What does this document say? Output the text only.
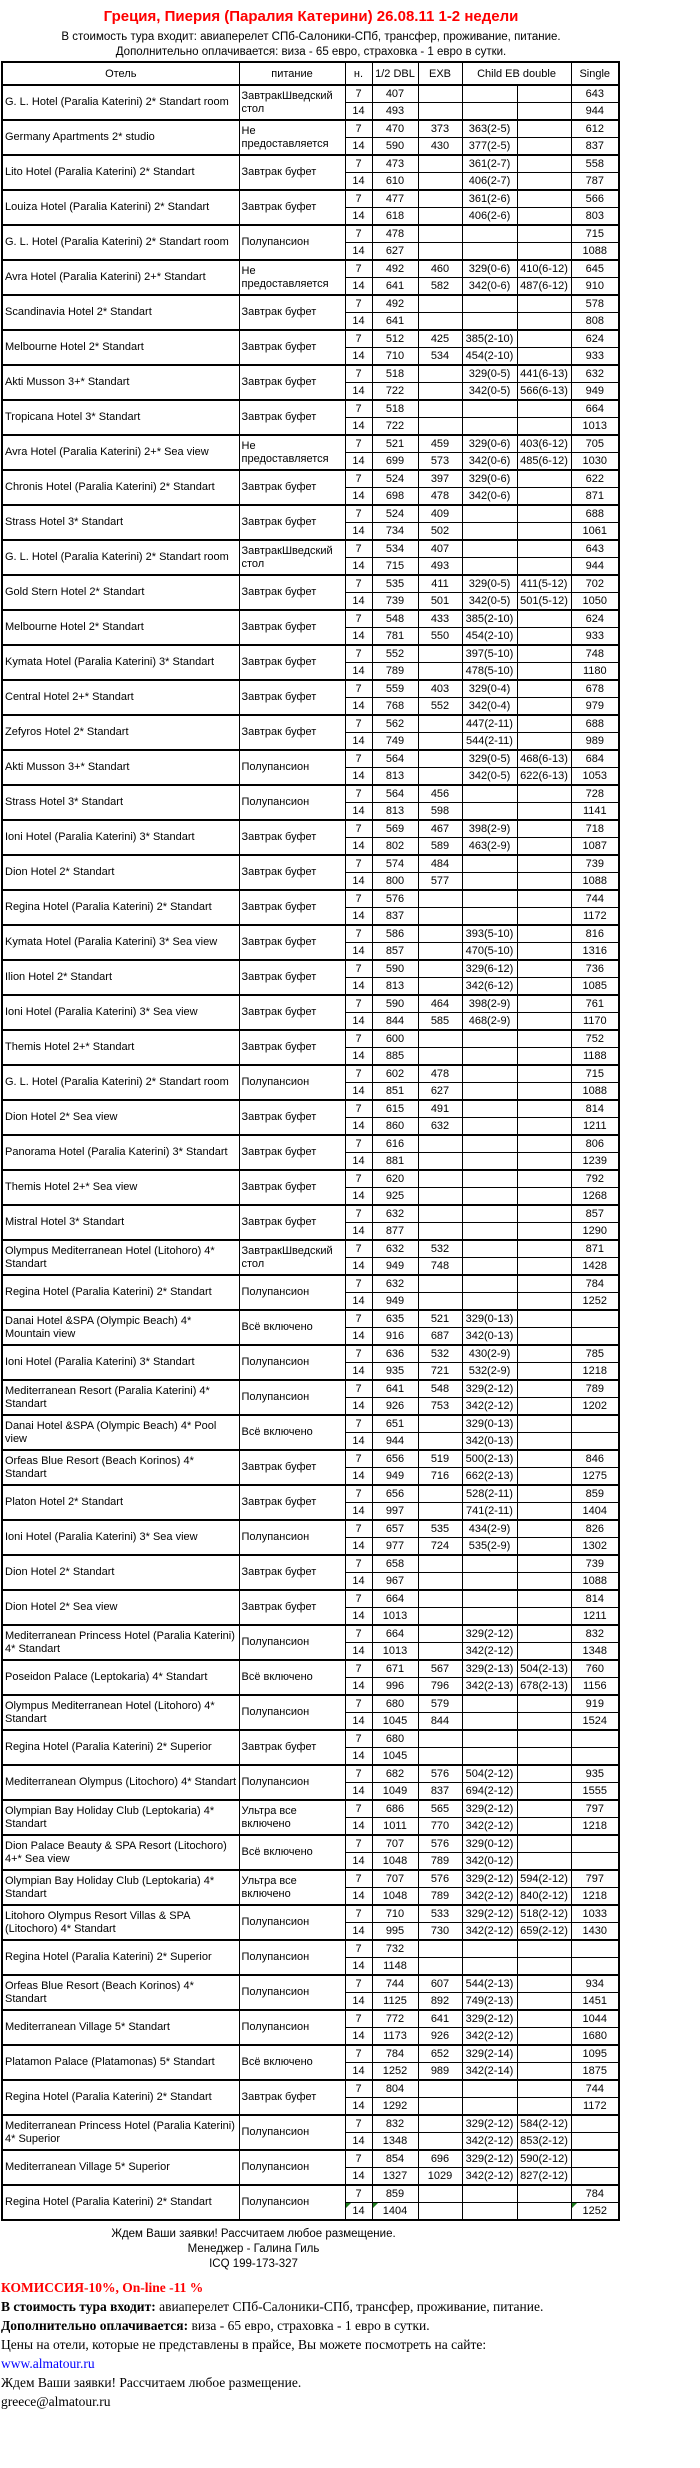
Греция, Пиерия (Паралия Катерини) 26.08.11 1-2 недели
В стоимость тура входит: авиаперелет СПб-Салоники-СПб, трансфер, проживание, питание.
Дополнительно оплачивается: виза - 65 евро, страховка - 1 евро в сутки.
Отель	питание	н.	1/2 DBL	EXB	Child EB double		Single
G. L. Hotel (Paralia Katerini) 2* Standart room	ЗавтракШведский стол	7	407				643
		14	493				944
Germany Apartments 2* studio	Не предоставляется	7	470	373	363(2-5)		612
		14	590	430	377(2-5)		837
Lito Hotel (Paralia Katerini) 2* Standart	Завтрак буфет	7	473		361(2-7)		558
		14	610		406(2-7)		787
Louiza Hotel (Paralia Katerini) 2* Standart	Завтрак буфет	7	477		361(2-6)		566
		14	618		406(2-6)		803
G. L. Hotel (Paralia Katerini) 2* Standart room	Полупансион	7	478				715
		14	627				1088
Avra Hotel (Paralia Katerini) 2+* Standart	Не предоставляется	7	492	460	329(0-6)	410(6-12)	645
		14	641	582	342(0-6)	487(6-12)	910
Scandinavia Hotel 2* Standart	Завтрак буфет	7	492				578
		14	641				808
Melbourne Hotel 2* Standart	Завтрак буфет	7	512	425	385(2-10)		624
		14	710	534	454(2-10)		933
Akti Musson 3+* Standart	Завтрак буфет	7	518		329(0-5)	441(6-13)	632
		14	722		342(0-5)	566(6-13)	949
Tropicana Hotel 3* Standart	Завтрак буфет	7	518				664
		14	722				1013
Avra Hotel (Paralia Katerini) 2+* Sea view	Не предоставляется	7	521	459	329(0-6)	403(6-12)	705
		14	699	573	342(0-6)	485(6-12)	1030
Chronis Hotel (Paralia Katerini) 2* Standart	Завтрак буфет	7	524	397	329(0-6)		622
		14	698	478	342(0-6)		871
Strass Hotel 3* Standart	Завтрак буфет	7	524	409			688
		14	734	502			1061
G. L. Hotel (Paralia Katerini) 2* Standart room	ЗавтракШведский стол	7	534	407			643
		14	715	493			944
Gold Stern Hotel 2* Standart	Завтрак буфет	7	535	411	329(0-5)	411(5-12)	702
		14	739	501	342(0-5)	501(5-12)	1050
Melbourne Hotel 2* Standart	Завтрак буфет	7	548	433	385(2-10)		624
		14	781	550	454(2-10)		933
Kymata Hotel (Paralia Katerini) 3* Standart	Завтрак буфет	7	552		397(5-10)		748
		14	789		478(5-10)		1180
Central Hotel 2+* Standart	Завтрак буфет	7	559	403	329(0-4)		678
		14	768	552	342(0-4)		979
Zefyros Hotel 2* Standart	Завтрак буфет	7	562		447(2-11)		688
		14	749		544(2-11)		989
Akti Musson 3+* Standart	Полупансион	7	564		329(0-5)	468(6-13)	684
		14	813		342(0-5)	622(6-13)	1053
Strass Hotel 3* Standart	Полупансион	7	564	456			728
		14	813	598			1141
Ioni Hotel (Paralia Katerini) 3* Standart	Завтрак буфет	7	569	467	398(2-9)		718
		14	802	589	463(2-9)		1087
Dion Hotel 2* Standart	Завтрак буфет	7	574	484			739
		14	800	577			1088
Regina Hotel (Paralia Katerini) 2* Standart	Завтрак буфет	7	576				744
		14	837				1172
Kymata Hotel (Paralia Katerini) 3* Sea view	Завтрак буфет	7	586		393(5-10)		816
		14	857		470(5-10)		1316
Ilion Hotel 2* Standart	Завтрак буфет	7	590		329(6-12)		736
		14	813		342(6-12)		1085
Ioni Hotel (Paralia Katerini) 3* Sea view	Завтрак буфет	7	590	464	398(2-9)		761
		14	844	585	468(2-9)		1170
Themis Hotel 2+* Standart	Завтрак буфет	7	600				752
		14	885				1188
G. L. Hotel (Paralia Katerini) 2* Standart room	Полупансион	7	602	478			715
		14	851	627			1088
Dion Hotel 2* Sea view	Завтрак буфет	7	615	491			814
		14	860	632			1211
Panorama Hotel (Paralia Katerini) 3* Standart	Завтрак буфет	7	616				806
		14	881				1239
Themis Hotel 2+* Sea view	Завтрак буфет	7	620				792
		14	925				1268
Mistral Hotel 3* Standart	Завтрак буфет	7	632				857
		14	877				1290
Olympus Mediterranean Hotel (Litohoro) 4* Standart	ЗавтракШведский стол	7	632	532			871
		14	949	748			1428
Regina Hotel (Paralia Katerini) 2* Standart	Полупансион	7	632				784
		14	949				1252
Danai Hotel &SPA (Olympic Beach) 4* Mountain view	Всё включено	7	635	521	329(0-13)		
		14	916	687	342(0-13)		
Ioni Hotel (Paralia Katerini) 3* Standart	Полупансион	7	636	532	430(2-9)		785
		14	935	721	532(2-9)		1218
Mediterranean Resort (Paralia Katerini) 4* Standart	Полупансион	7	641	548	329(2-12)		789
		14	926	753	342(2-12)		1202
Danai Hotel &SPA (Olympic Beach) 4* Pool view	Всё включено	7	651		329(0-13)		
		14	944		342(0-13)		
Orfeas Blue Resort (Beach Korinos) 4* Standart	Завтрак буфет	7	656	519	500(2-13)		846
		14	949	716	662(2-13)		1275
Platon Hotel 2* Standart	Завтрак буфет	7	656		528(2-11)		859
		14	997		741(2-11)		1404
Ioni Hotel (Paralia Katerini) 3* Sea view	Полупансион	7	657	535	434(2-9)		826
		14	977	724	535(2-9)		1302
Dion Hotel 2* Standart	Завтрак буфет	7	658				739
		14	967				1088
Dion Hotel 2* Sea view	Завтрак буфет	7	664				814
		14	1013				1211
Mediterranean Princess Hotel (Paralia Katerini) 4* Standart	Полупансион	7	664		329(2-12)		832
		14	1013		342(2-12)		1348
Poseidon Palace (Leptokaria) 4* Standart	Всё включено	7	671	567	329(2-13)	504(2-13)	760
		14	996	796	342(2-13)	678(2-13)	1156
Olympus Mediterranean Hotel (Litohoro) 4* Standart	Полупансион	7	680	579			919
		14	1045	844			1524
Regina Hotel (Paralia Katerini) 2* Superior	Завтрак буфет	7	680				
		14	1045				
Mediterranean Olympus (Litochoro) 4* Standart	Полупансион	7	682	576	504(2-12)		935
		14	1049	837	694(2-12)		1555
Olympian Bay Holiday Club (Leptokaria) 4* Standart	Ультра все включено	7	686	565	329(2-12)		797
		14	1011	770	342(2-12)		1218
Dion Palace Beauty & SPA Resort (Litochoro) 4+* Sea view	Всё включено	7	707	576	329(0-12)		
		14	1048	789	342(0-12)		
Olympian Bay Holiday Club (Leptokaria) 4* Standart	Ультра все включено	7	707	576	329(2-12)	594(2-12)	797
		14	1048	789	342(2-12)	840(2-12)	1218
Litohoro Olympus Resort Villas & SPA (Litochoro) 4* Standart	Полупансион	7	710	533	329(2-12)	518(2-12)	1033
		14	995	730	342(2-12)	659(2-12)	1430
Regina Hotel (Paralia Katerini) 2* Superior	Полупансион	7	732				
		14	1148				
Orfeas Blue Resort (Beach Korinos) 4* Standart	Полупансион	7	744	607	544(2-13)		934
		14	1125	892	749(2-13)		1451
Mediterranean Village 5* Standart	Полупансион	7	772	641	329(2-12)		1044
		14	1173	926	342(2-12)		1680
Platamon Palace (Platamonas) 5* Standart	Всё включено	7	784	652	329(2-14)		1095
		14	1252	989	342(2-14)		1875
Regina Hotel (Paralia Katerini) 2* Standart	Завтрак буфет	7	804				744
		14	1292				1172
Mediterranean Princess Hotel (Paralia Katerini) 4* Superior	Полупансион	7	832		329(2-12)	584(2-12)	
		14	1348		342(2-12)	853(2-12)	
Mediterranean Village 5* Superior	Полупансион	7	854	696	329(2-12)	590(2-12)	
		14	1327	1029	342(2-12)	827(2-12)	
Regina Hotel (Paralia Katerini) 2* Standart	Полупансион	7	859				784
		14	1404				1252
Ждем Ваши заявки! Рассчитаем любое размещение.
Менеджер - Галина Гиль
ICQ 199-173-327
КОМИССИЯ-10%, On-line -11 %
В стоимость тура входит: авиаперелет СПб-Салоники-СПб, трансфер, проживание, питание.
Дополнительно оплачивается: виза - 65 евро, страховка - 1 евро в сутки.
Цены на отели, которые не представлены в прайсе, Вы можете посмотреть на сайте:
www.almatour.ru
Ждем Ваши заявки! Рассчитаем любое размещение.
greece@almatour.ru
